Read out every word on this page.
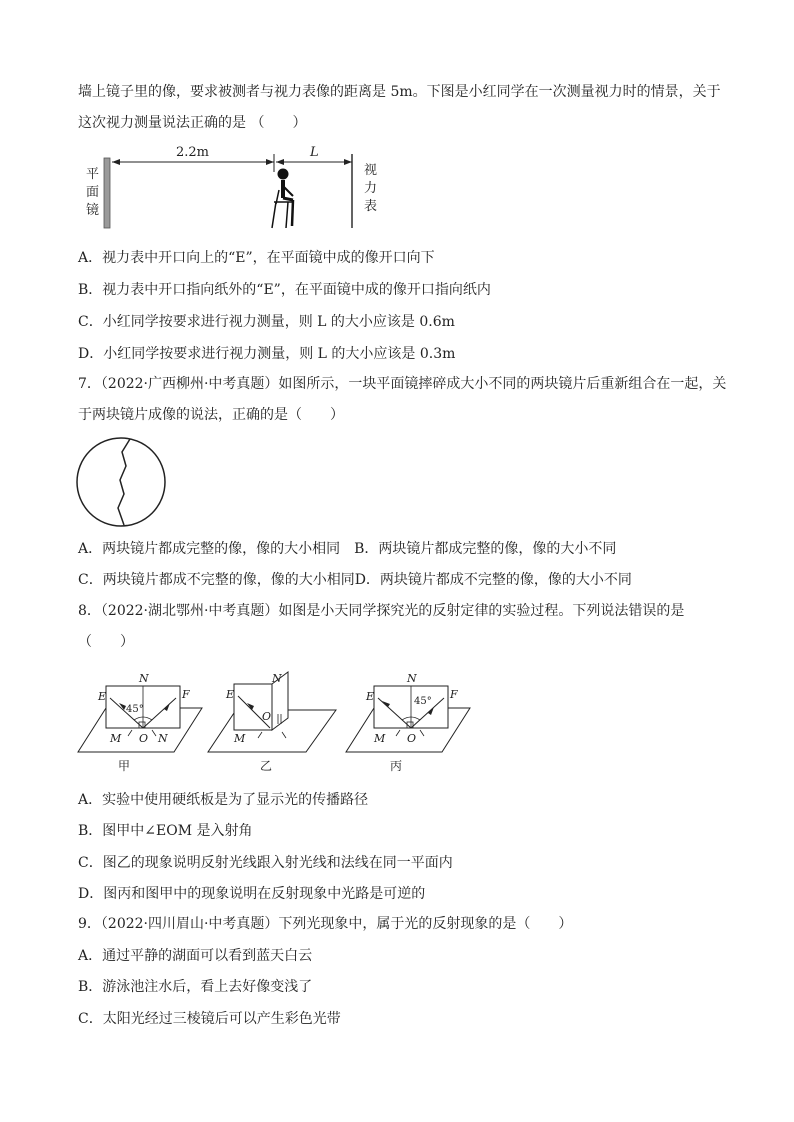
墙上镜子里的像，要求被测者与视力表像的距离是 5m。下图是小红同学在一次测量视力时的情景，关于
这次视力测量说法正确的是 （　　）
平
面
镜
2.2m	L
视
力
表
A．视力表中开口向上的“E”，在平面镜中成的像开口向下
B．视力表中开口指向纸外的“E”，在平面镜中成的像开口指向纸内
C．小红同学按要求进行视力测量，则 L 的大小应该是 0.6m
D．小红同学按要求进行视力测量，则 L 的大小应该是 0.3m
7．（2022·广西柳州·中考真题）如图所示，一块平面镜摔碎成大小不同的两块镜片后重新组合在一起，关
于两块镜片成像的说法，正确的是（　　）
A．两块镜片都成完整的像，像的大小相同　B．两块镜片都成完整的像，像的大小不同
C．两块镜片都成不完整的像，像的大小相同D．两块镜片都成不完整的像，像的大小不同
8．（2022·湖北鄂州·中考真题）如图是小天同学探究光的反射定律的实验过程。下列说法错误的是
（　　）
E
N
F
45°
M O N
甲
E
N
O
M
乙
E
N
F
45°
M O
丙
A．实验中使用硬纸板是为了显示光的传播路径
B．图甲中∠EOM 是入射角
C．图乙的现象说明反射光线跟入射光线和法线在同一平面内
D．图丙和图甲中的现象说明在反射现象中光路是可逆的
9．（2022·四川眉山·中考真题）下列光现象中，属于光的反射现象的是（　　）
A．通过平静的湖面可以看到蓝天白云
B．游泳池注水后，看上去好像变浅了
C．太阳光经过三棱镜后可以产生彩色光带
